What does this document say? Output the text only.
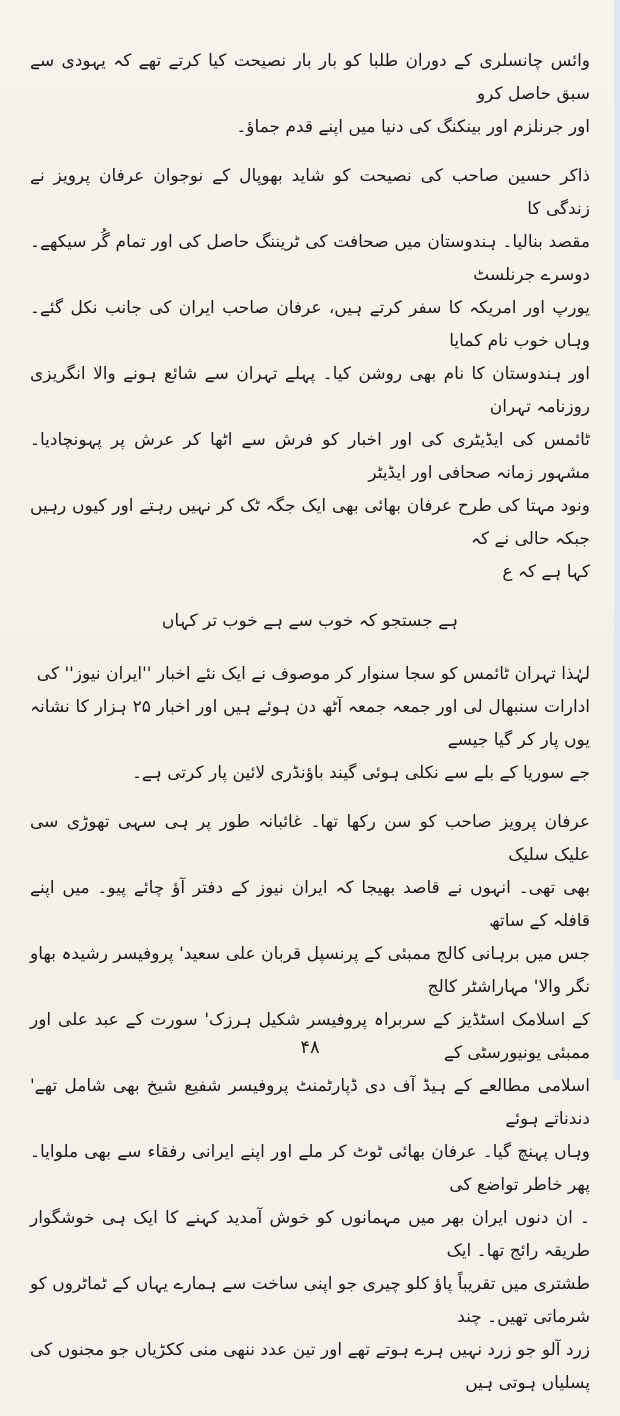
وائس چانسلری کے دوران طلبا کو بار بار نصیحت کیا کرتے تھے کہ یہودی سے سبق حاصل کرو

اور جرنلزم اور بینکنگ کی دنیا میں اپنے قدم جماؤ۔

ذاکر حسین صاحب کی نصیحت کو شاید بھوپال کے نوجوان عرفان پرویز نے زندگی کا

مقصد بنالیا۔ ہندوستان میں صحافت کی ٹریننگ حاصل کی اور تمام گُر سیکھے۔ دوسرے جرنلسٹ

یورپ اور امریکہ کا سفر کرتے ہیں، عرفان صاحب ایران کی جانب نکل گئے۔ وہاں خوب نام کمایا

اور ہندوستان کا نام بھی روشن کیا۔ پہلے تہران سے شائع ہونے والا انگریزی روزنامہ تہران

ٹائمس کی ایڈیٹری کی اور اخبار کو فرش سے اٹھا کر عرش پر پہونچادیا۔ مشہور زمانہ صحافی اور ایڈیٹر

ونود مہتا کی طرح عرفان بھائی بھی ایک جگہ ٹک کر نہیں رہتے اور کیوں رہیں جبکہ حالی نے کہ

کہا ہے کہ ع

ہے جستجو کہ خوب سے ہے خوب تر کہاں

لہٰذا تہران ٹائمس کو سجا سنوار کر موصوف نے ایک نئے اخبار ''ایران نیوز'' کی

ادارات سنبھال لی اور جمعہ جمعہ آٹھ دن ہوئے ہیں اور اخبار ۲۵ ہزار کا نشانہ یوں پار کر گیا جیسے

جے سوریا کے بلے سے نکلی ہوئی گیند باؤنڈری لائین پار کرتی ہے۔

عرفان پرویز صاحب کو سن رکھا تھا۔ غائبانہ طور پر ہی سہی تھوڑی سی علیک سلیک

بھی تھی۔ انہوں نے قاصد بھیجا کہ ایران نیوز کے دفتر آؤ چائے پیو۔ میں اپنے قافلہ کے ساتھ

جس میں برہانی کالج ممبئی کے پرنسپل قربان علی سعید' پروفیسر رشیدہ بھاو نگر والا' مہاراشٹر کالج

کے اسلامک اسٹڈیز کے سربراہ پروفیسر شکیل ہرزک' سورت کے عبد علی اور ممبئی یونیورسٹی کے

اسلامی مطالعے کے ہیڈ آف دی ڈپارٹمنٹ پروفیسر شفیع شیخ بھی شامل تھے' دندناتے ہوئے

وہاں پہنچ گیا۔ عرفان بھائی ٹوٹ کر ملے اور اپنے ایرانی رفقاء سے بھی ملوایا۔ پھر خاطر تواضع کی

۔ ان دنوں ایران بھر میں مہمانوں کو خوش آمدید کہنے کا ایک ہی خوشگوار طریقہ رائج تھا۔ ایک

طشتری میں تقریباً پاؤ کلو چیری جو اپنی ساخت سے ہمارے یہاں کے ٹماٹروں کو شرماتی تھیں۔ چند

زرد آلو جو زرد نہیں ہرے ہوتے تھے اور تین عدد ننھی منی ککڑیاں جو مجنوں کی پسلیاں ہوتی ہیں

۴۸
